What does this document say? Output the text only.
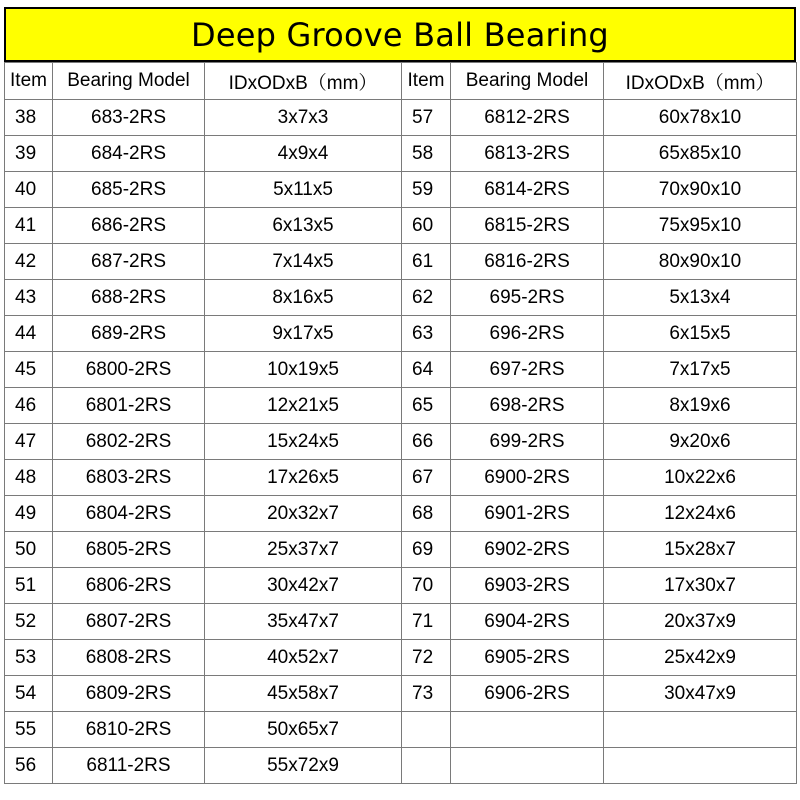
Deep Groove Ball Bearing
Item	Bearing Model	IDxODxB（mm）	Item	Bearing Model	IDxODxB（mm）
38	683-2RS	3x7x3	57	6812-2RS	60x78x10
39	684-2RS	4x9x4	58	6813-2RS	65x85x10
40	685-2RS	5x11x5	59	6814-2RS	70x90x10
41	686-2RS	6x13x5	60	6815-2RS	75x95x10
42	687-2RS	7x14x5	61	6816-2RS	80x90x10
43	688-2RS	8x16x5	62	695-2RS	5x13x4
44	689-2RS	9x17x5	63	696-2RS	6x15x5
45	6800-2RS	10x19x5	64	697-2RS	7x17x5
46	6801-2RS	12x21x5	65	698-2RS	8x19x6
47	6802-2RS	15x24x5	66	699-2RS	9x20x6
48	6803-2RS	17x26x5	67	6900-2RS	10x22x6
49	6804-2RS	20x32x7	68	6901-2RS	12x24x6
50	6805-2RS	25x37x7	69	6902-2RS	15x28x7
51	6806-2RS	30x42x7	70	6903-2RS	17x30x7
52	6807-2RS	35x47x7	71	6904-2RS	20x37x9
53	6808-2RS	40x52x7	72	6905-2RS	25x42x9
54	6809-2RS	45x58x7	73	6906-2RS	30x47x9
55	6810-2RS	50x65x7			
56	6811-2RS	55x72x9			
